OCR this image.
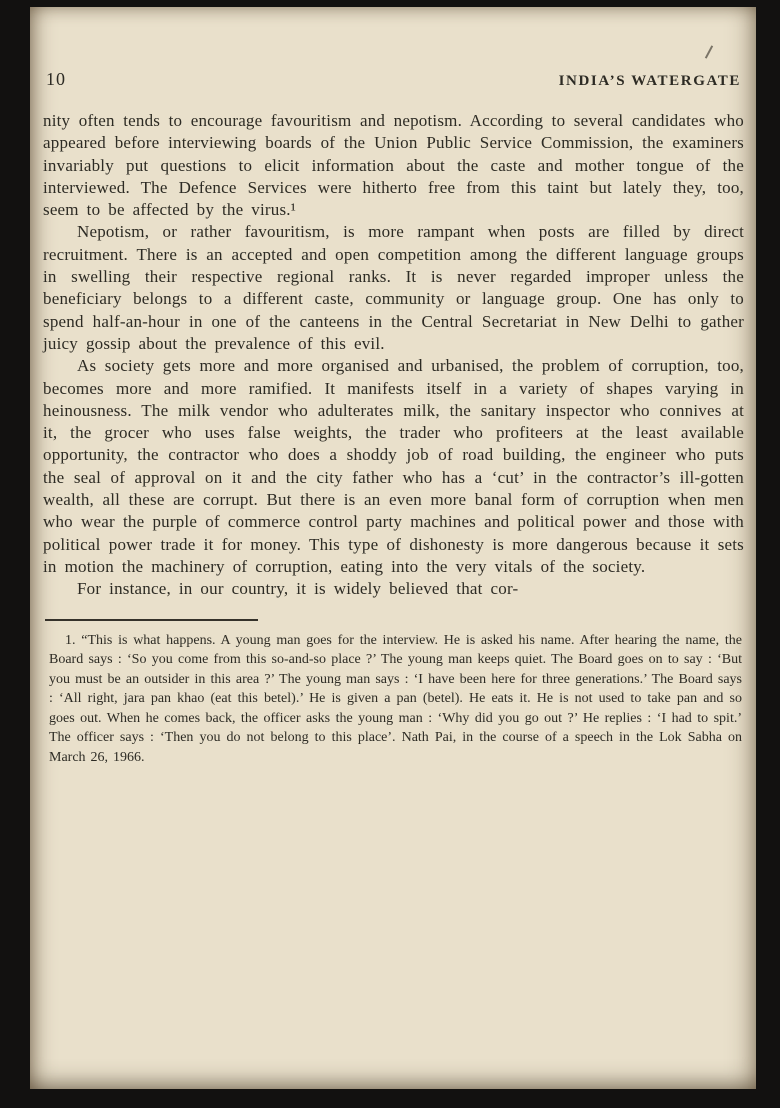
10	INDIA’S WATERGATE

nity often tends to encourage favouritism and nepotism. According to several candidates who appeared before interviewing boards of the Union Public Service Commission, the examiners invariably put questions to elicit information about the caste and mother tongue of the interviewed. The Defence Services were hitherto free from this taint but lately they, too, seem to be affected by the virus.¹

Nepotism, or rather favouritism, is more rampant when posts are filled by direct recruitment. There is an accepted and open competition among the different language groups in swelling their respective regional ranks. It is never regarded improper unless the beneficiary belongs to a different caste, community or language group. One has only to spend half-an-hour in one of the canteens in the Central Secretariat in New Delhi to gather juicy gossip about the prevalence of this evil.

As society gets more and more organised and urbanised, the problem of corruption, too, becomes more and more ramified. It manifests itself in a variety of shapes varying in heinousness. The milk vendor who adulterates milk, the sanitary inspector who connives at it, the grocer who uses false weights, the trader who profiteers at the least available opportunity, the contractor who does a shoddy job of road building, the engineer who puts the seal of approval on it and the city father who has a ‘cut’ in the contractor’s ill-gotten wealth, all these are corrupt. But there is an even more banal form of corruption when men who wear the purple of commerce control party machines and political power and those with political power trade it for money. This type of dishonesty is more dangerous because it sets in motion the machinery of corruption, eating into the very vitals of the society.

For instance, in our country, it is widely believed that cor-

1. “This is what happens. A young man goes for the interview. He is asked his name. After hearing the name, the Board says : ‘So you come from this so-and-so place ?’ The young man keeps quiet. The Board goes on to say : ‘But you must be an outsider in this area ?’ The young man says : ‘I have been here for three generations.’ The Board says : ‘All right, jara pan khao (eat this betel).’ He is given a pan (betel). He eats it. He is not used to take pan and so goes out. When he comes back, the officer asks the young man : ‘Why did you go out ?’ He replies : ‘I had to spit.’ The officer says : ‘Then you do not belong to this place’. Nath Pai, in the course of a speech in the Lok Sabha on March 26, 1966.
